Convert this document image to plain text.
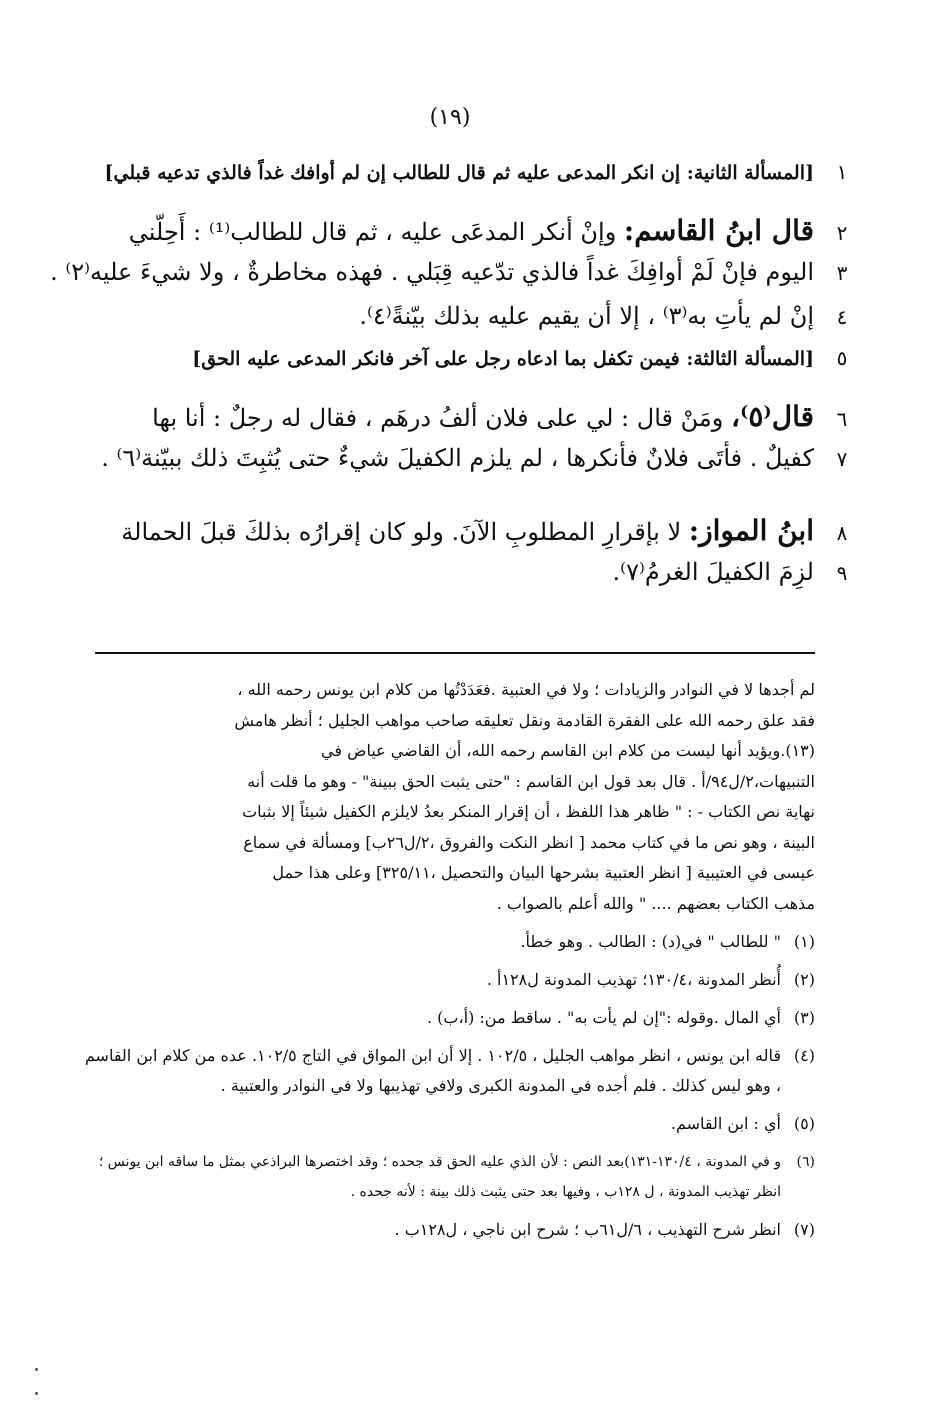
(١٩)
١
[المسألة الثانية: إن انكر المدعى عليه ثم قال للطالب إن لم أوافك غداً فالذي تدعيه قبلي]
٢
قال ابنُ القاسم: وإنْ أنكر المدعَى عليه ، ثم قال للطالب⁽¹⁾ : أَحِلّني
٣
اليوم فإنْ لَمْ أوافِكَ غداً فالذي تدّعيه قِبَلي . فهذه مخاطرةٌ ، ولا شيءَ عليه⁽٢⁾ .
٤
إنْ لم يأتِ به⁽٣⁾ ، إلا أن يقيم عليه بذلك بيّنةً⁽٤⁾.
٥
[المسألة الثالثة: فيمن تكفل بما ادعاه رجل على آخر فانكر المدعى عليه الحق]
٦
قال⁽٥⁾، ومَنْ قال : لي على فلان ألفُ درهَم ، فقال له رجلٌ : أنا بها
٧
كفيلٌ . فأتَى فلانٌ فأنكرها ، لم يلزم الكفيلَ شيءٌ حتى يُثبِتَ ذلك ببيّنة⁽٦⁾ .
٨
ابنُ المواز: لا بإقرارِ المطلوبِ الآنَ. ولو كان إقرارُه بذلكَ قبلَ الحمالة
٩
لزِمَ الكفيلَ الغرمُ⁽٧⁾.
لم أجدها لا في النوادر والزيادات ؛ ولا في العتبية .فعَدَدْتُها من كلام ابن يونس رحمه الله ،
فقد علق رحمه الله على الفقرة القادمة ونقل تعليقه صاحب مواهب الجليل ؛ أنظر هامش
(١٣).ويؤيد أنها ليست من كلام ابن القاسم رحمه الله، أن القاضي عياض في
التنبيهات،٢/ل٩٤/أ . قال بعد قول ابن القاسم : "حتى يثبت الحق ببينة" - وهو ما قلت أنه
نهاية نص الكتاب - : " ظاهر هذا اللفظ ، أن إقرار المنكر بعدُ لايلزم الكفيل شيئاً إلا بثبات
البينة ، وهو نص ما في كتاب محمد [ انظر النكت والفروق ،٢/ل٢٦ب] ومسألة في سماع
عيسى في العتيبية [ انظر العتبية بشرحها البيان والتحصيل ،٣٢٥/١١] وعلى هذا حمل
مذهب الكتاب بعضهم .... " والله أعلم بالصواب .
(١)
" للطالب " في(د) : الطالب . وهو خطأ.
(٢)
أُنظر المدونة ،١٣٠/٤؛ تهذيب المدونة ل١٢٨أ .
(٣)
أي المال .وقوله :"إن لم يأت به" . ساقط من: (أ،ب) .
(٤)
قاله ابن يونس ، انظر مواهب الجليل ، ١٠٢/٥ . إلا أن ابن المواق في التاج ١٠٢/٥. عده من كلام ابن القاسم ، وهو ليس كذلك . فلم أجده في المدونة الكبرى ولافي تهذيبها ولا في النوادر والعتبية .
(٥)
أي : ابن القاسم.
(٦)
و في المدونة ، ١٣٠/٤-١٣١)بعد النص : لأن الذي عليه الحق قد جحده ؛ وقد اختصرها البراذعي بمثل ما ساقه ابن يونس ؛ انظر تهذيب المدونة ، ل ١٢٨ب ، وفيها بعد حتى يثبت ذلك بينة : لأنه جحده .
(٧)
انظر شرح التهذيب ، ٦/ل٦١ب ؛ شرح ابن ناجي ، ل١٢٨ب .
